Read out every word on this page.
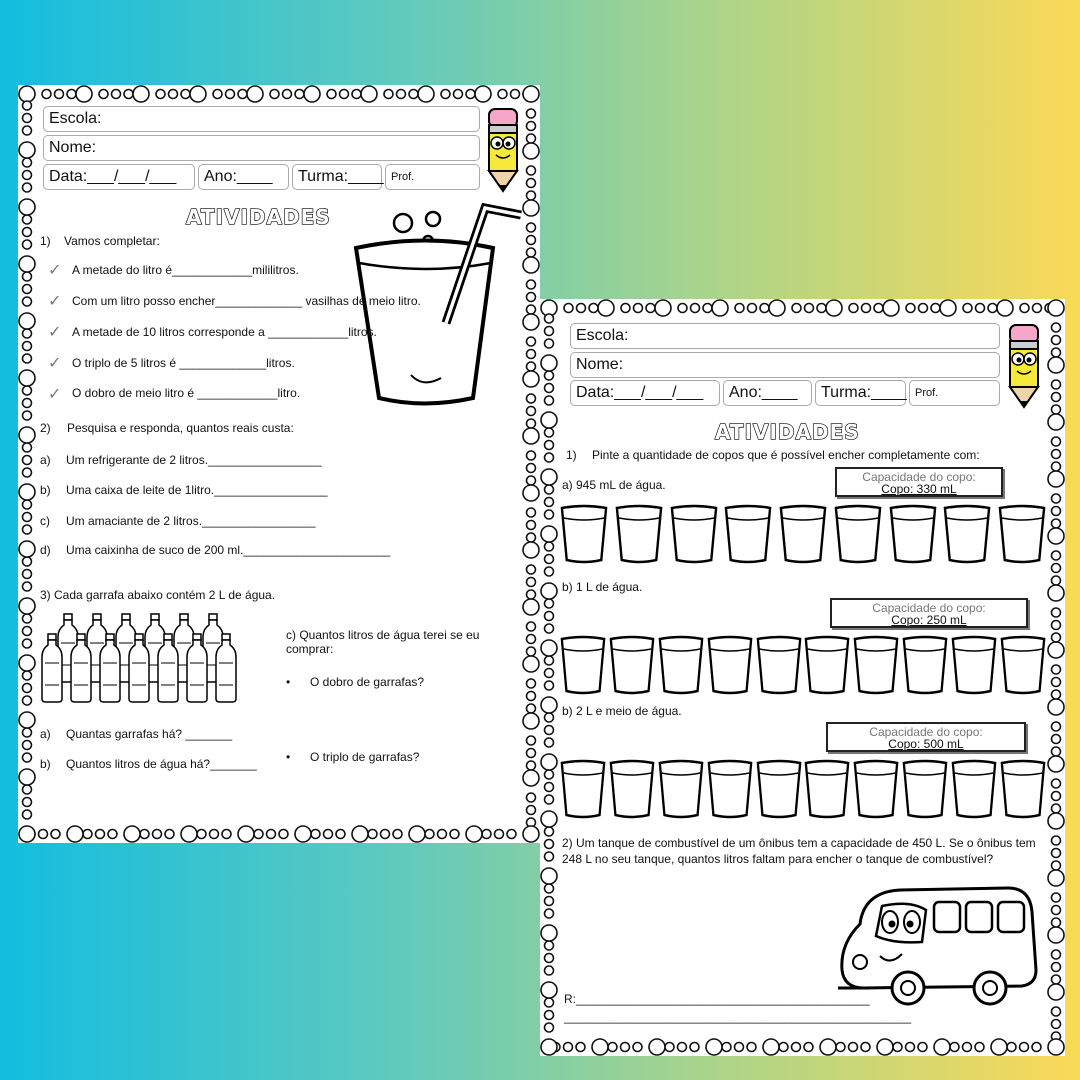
Escola:
Nome:
Data:___/___/___	Ano:____	Turma:____ Prof.
ATIVIDADES
1) Vamos completar:
✓ A metade do litro é____________mililitros.
✓ Com um litro posso encher_____________ vasilhas de meio litro.
✓ A metade de 10 litros corresponde a ____________litros.
✓ O triplo de 5 litros é _____________litros.
✓ O dobro de meio litro é ____________litro.
2) Pesquisa e responda, quantos reais custa:
a) Um refrigerante de 2 litros._________________
b) Uma caixa de leite de 1litro._________________
c) Um amaciante de 2 litros._________________
d) Uma caixinha de suco de 200 ml.______________________
3) Cada garrafa abaixo contém 2 L de água.
c) Quantos litros de água terei se eu comprar:
• O dobro de garrafas?
• O triplo de garrafas?
a) Quantas garrafas há? _______
b) Quantos litros de água há?_______
Escola:
Nome:
Data:___/___/___	Ano:____	Turma:____ Prof.
ATIVIDADES
1) Pinte a quantidade de copos que é possível encher completamente com:
a) 945 mL de água.
Capacidade do copo:
Copo: 330 mL
b) 1 L de água.
Capacidade do copo:
Copo: 250 mL
b) 2 L e meio de água.
Capacidade do copo:
Copo: 500 mL
2) Um tanque de combustível de um ônibus tem a capacidade de 450 L. Se o ônibus tem 248 L no seu tanque, quantos litros faltam para encher o tanque de combustível?
R:____________________________________________
____________________________________________________
